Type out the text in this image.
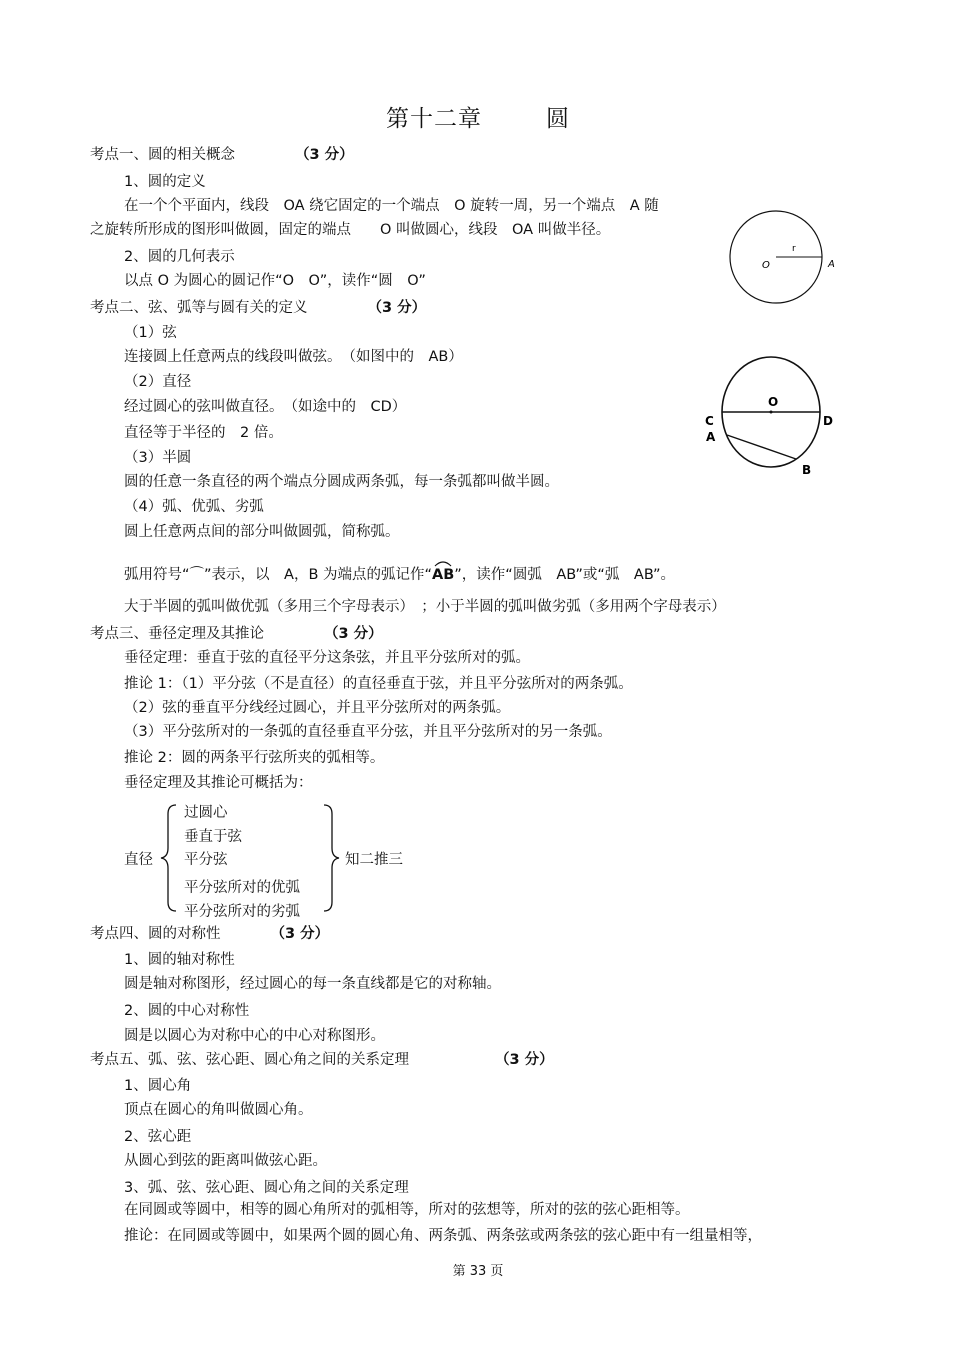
第十二章	圆
考点一、圆的相关概念	（3 分）
1、圆的定义
在一个个平面内，线段　OA 绕它固定的一个端点　O 旋转一周，另一个端点　A 随
之旋转所形成的图形叫做圆，固定的端点　　O 叫做圆心，线段　OA 叫做半径。
2、圆的几何表示
以点 O 为圆心的圆记作“O　O”，读作“圆　O”
O
r
A
考点二、弦、弧等与圆有关的定义	（3 分）
（1）弦
连接圆上任意两点的线段叫做弦。　（如图中的　AB）
（2）直径
经过圆心的弦叫做直径。　（如途中的　CD）
直径等于半径的　2 倍。
（3）半圆
圆的任意一条直径的两个端点分圆成两条弧，每一条弧都叫做半圆。
（4）弧、优弧、劣弧
圆上任意两点间的部分叫做圆弧，简称弧。
弧用符号“⌒”表示，以　A，B 为端点的弧记作“
AB”，读作“圆弧　AB”或“弧　AB”。
大于半圆的弧叫做优弧（多用三个字母表示）　；小于半圆的弧叫做劣弧（多用两个字母表示）
O
C
A
D
B
考点三、垂径定理及其推论	（3 分）
垂径定理：垂直于弦的直径平分这条弦，并且平分弦所对的弧。
推论 1：（1）平分弦（不是直径）的直径垂直于弦，并且平分弦所对的两条弧。
（2）弦的垂直平分线经过圆心，并且平分弦所对的两条弧。
（3）平分弦所对的一条弧的直径垂直平分弦，并且平分弦所对的另一条弧。
推论 2：圆的两条平行弦所夹的弧相等。
垂径定理及其推论可概括为：
直径
过圆心
垂直于弦
平分弦
平分弦所对的优弧
平分弦所对的劣弧
知二推三
考点四、圆的对称性	（3 分）
1、圆的轴对称性
圆是轴对称图形，经过圆心的每一条直线都是它的对称轴。
2、圆的中心对称性
圆是以圆心为对称中心的中心对称图形。
考点五、弧、弦、弦心距、圆心角之间的关系定理	（3 分）
1、圆心角
顶点在圆心的角叫做圆心角。
2、弦心距
从圆心到弦的距离叫做弦心距。
3、弧、弦、弦心距、圆心角之间的关系定理
在同圆或等圆中，相等的圆心角所对的弧相等，所对的弦想等，所对的弦的弦心距相等。
推论：在同圆或等圆中，如果两个圆的圆心角、两条弧、两条弦或两条弦的弦心距中有一组量相等，
第 33 页
